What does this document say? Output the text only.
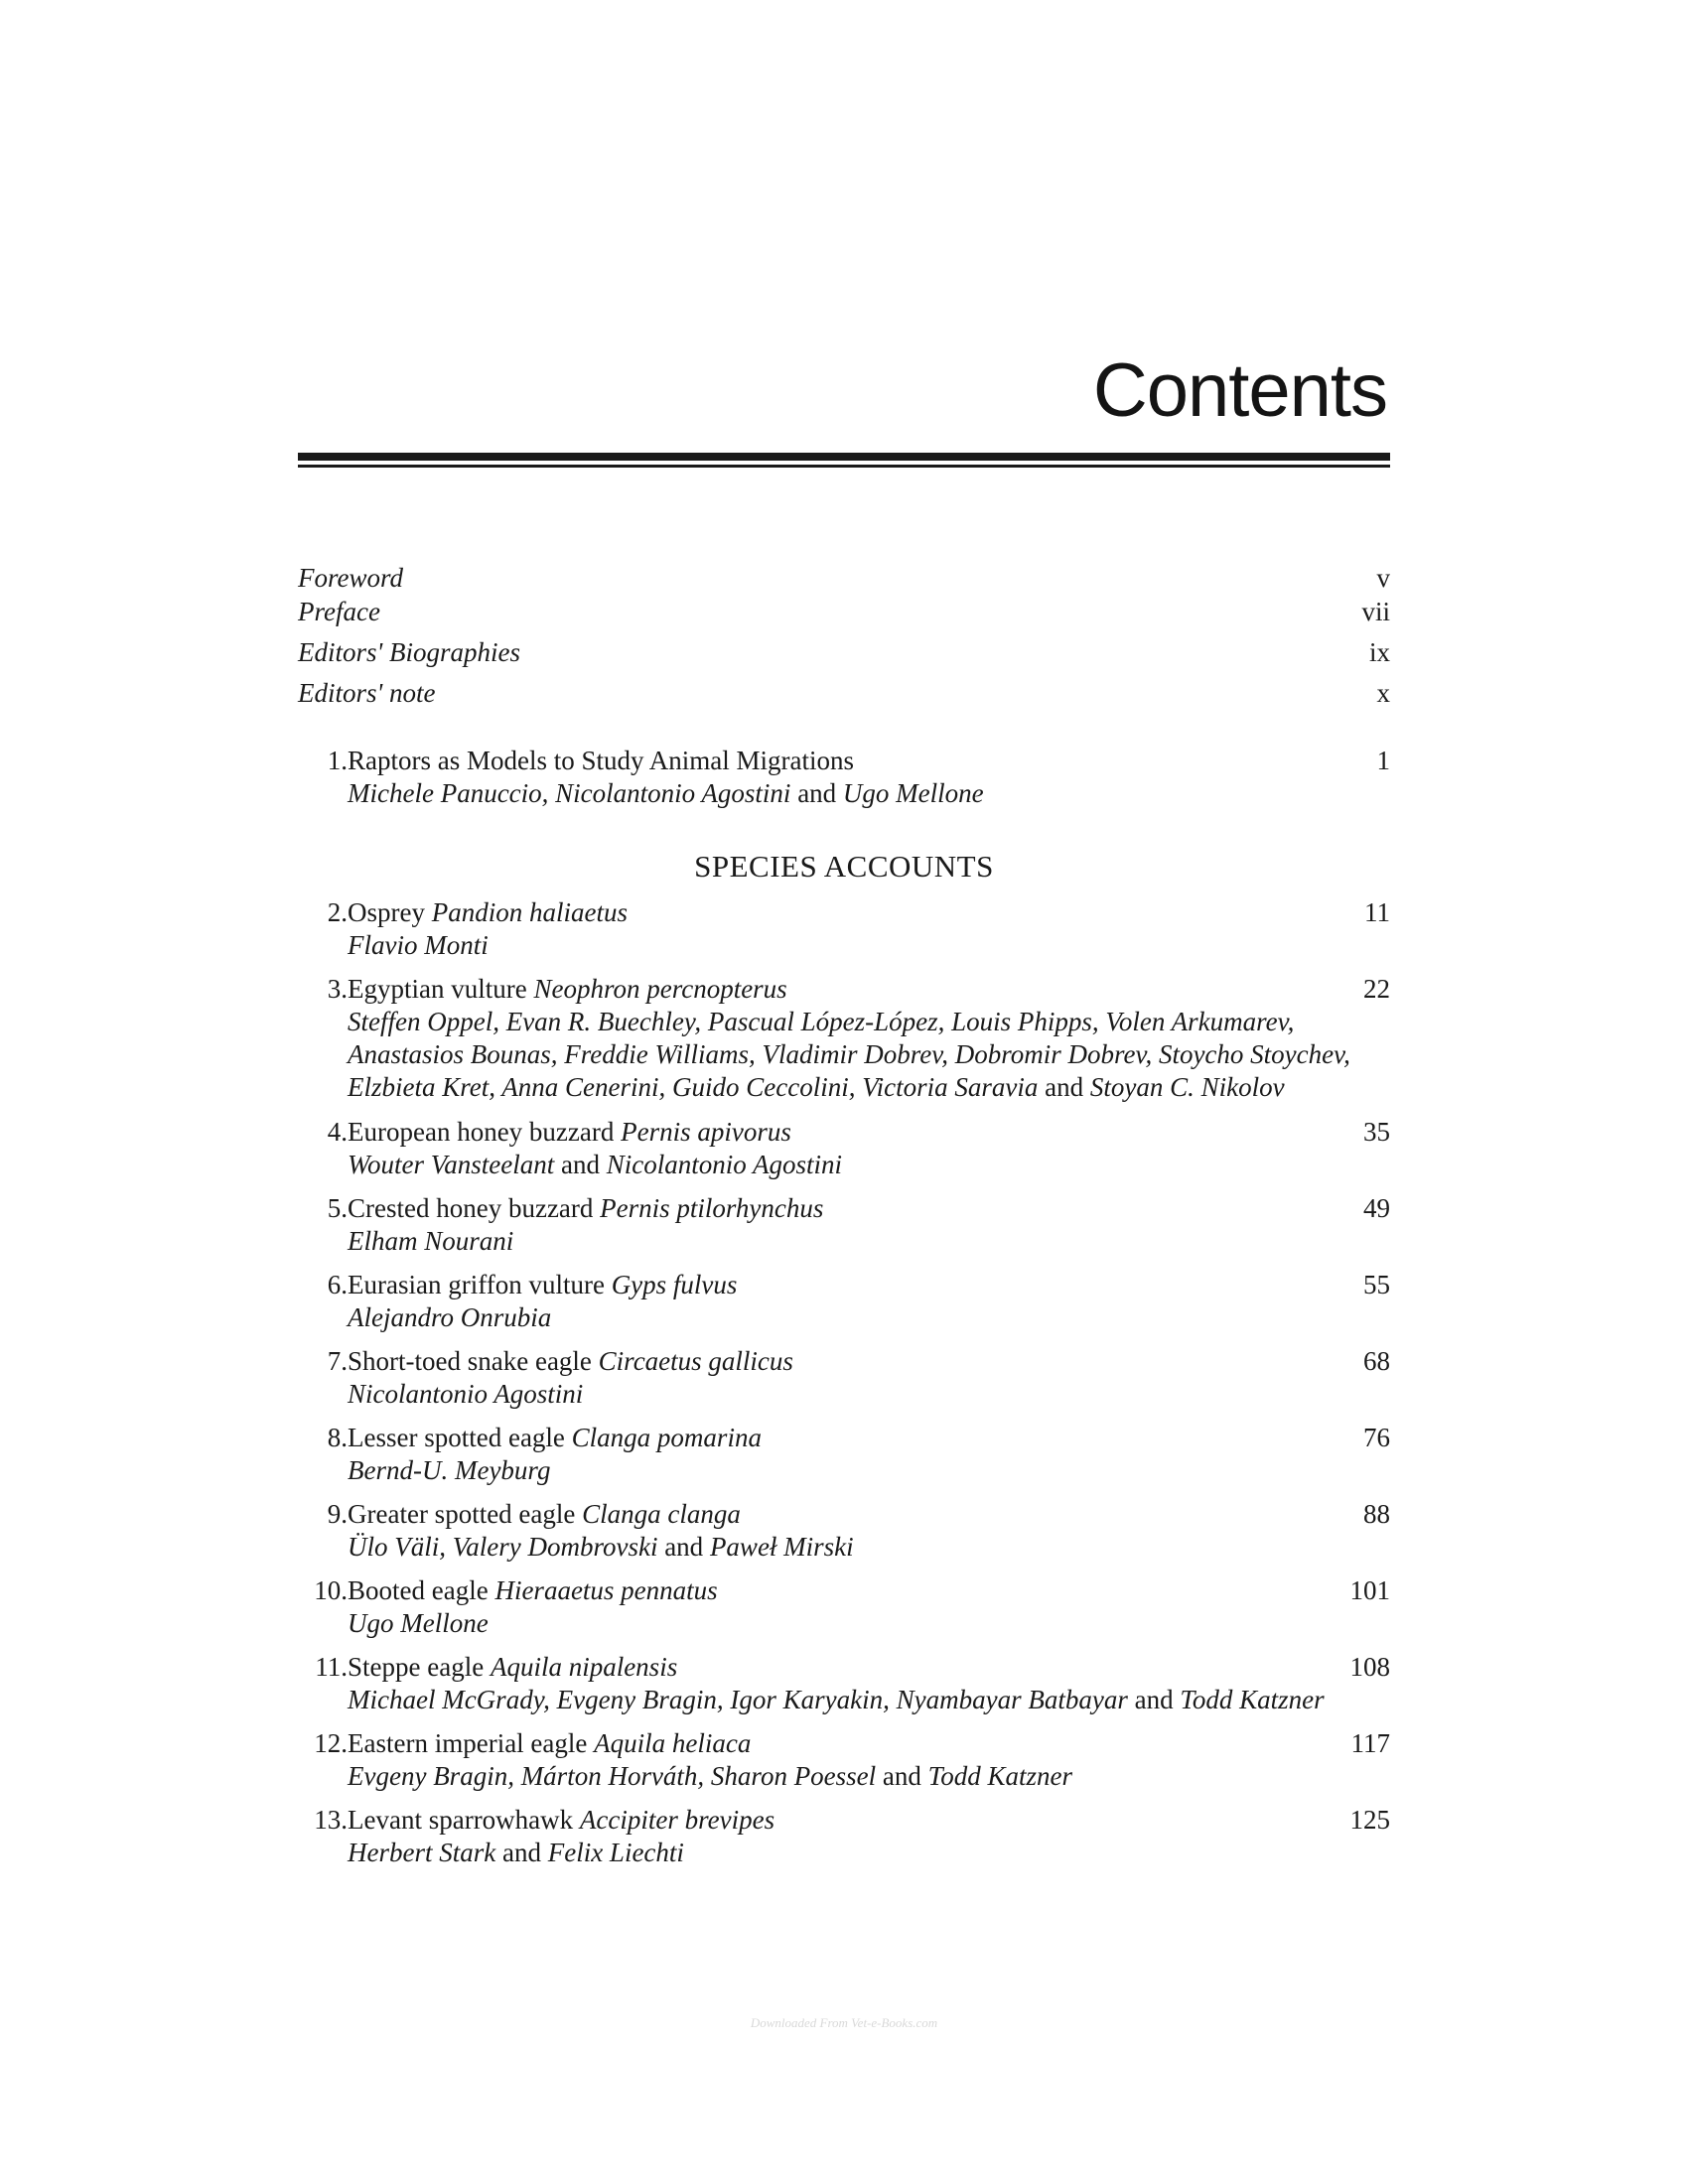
Contents
Foreword	v
Preface	vii
Editors' Biographies	ix
Editors' note	x
1. Raptors as Models to Study Animal Migrations	1
Michele Panuccio, Nicolantonio Agostini and Ugo Mellone
2. Osprey Pandion haliaetus	11
Flavio Monti
3. Egyptian vulture Neophron percnopterus	22
Steffen Oppel, Evan R. Buechley, Pascual López-López, Louis Phipps, Volen Arkumarev,
Anastasios Bounas, Freddie Williams, Vladimir Dobrev, Dobromir Dobrev, Stoycho Stoychev,
Elzbieta Kret, Anna Cenerini, Guido Ceccolini, Victoria Saravia and Stoyan C. Nikolov
4. European honey buzzard Pernis apivorus	35
Wouter Vansteelant and Nicolantonio Agostini
5. Crested honey buzzard Pernis ptilorhynchus	49
Elham Nourani
6. Eurasian griffon vulture Gyps fulvus	55
Alejandro Onrubia
7. Short-toed snake eagle Circaetus gallicus	68
Nicolantonio Agostini
8. Lesser spotted eagle Clanga pomarina	76
Bernd-U. Meyburg
9. Greater spotted eagle Clanga clanga	88
Ülo Väli, Valery Dombrovski and Paweł Mirski
10. Booted eagle Hieraaetus pennatus	101
Ugo Mellone
11. Steppe eagle Aquila nipalensis	108
Michael McGrady, Evgeny Bragin, Igor Karyakin, Nyambayar Batbayar and Todd Katzner
12. Eastern imperial eagle Aquila heliaca	117
Evgeny Bragin, Márton Horváth, Sharon Poessel and Todd Katzner
13. Levant sparrowhawk Accipiter brevipes	125
Herbert Stark and Felix Liechti
SPECIES ACCOUNTS
Downloaded From Vet-e-Books.com
